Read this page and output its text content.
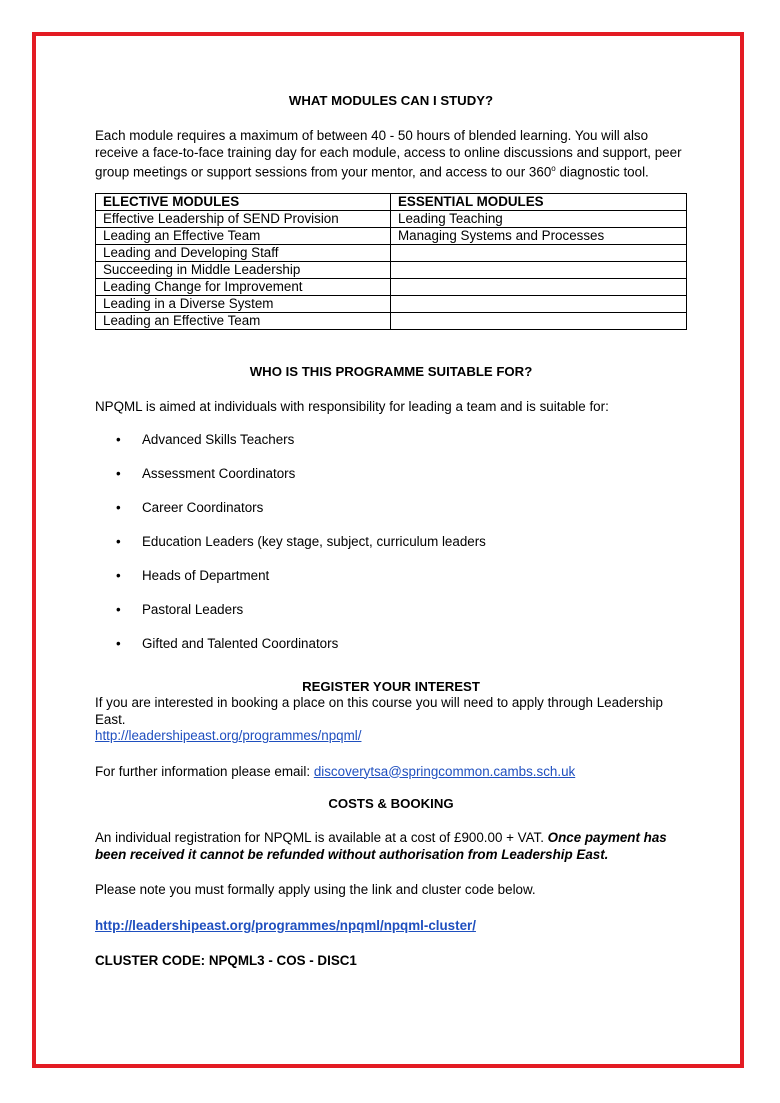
WHAT MODULES CAN I STUDY?

Each module requires a maximum of between 40 - 50 hours of blended learning. You will also receive a face-to-face training day for each module, access to online discussions and support, peer group meetings or support sessions from your mentor, and access to our 360$^o$ diagnostic tool.

ELECTIVE MODULES	ESSENTIAL MODULES
Effective Leadership of SEND Provision	Leading Teaching
Leading an Effective Team	Managing Systems and Processes
Leading and Developing Staff	
Succeeding in Middle Leadership	
Leading Change for Improvement	
Leading in a Diverse System	
Leading an Effective Team	

WHO IS THIS PROGRAMME SUITABLE FOR?

NPQML is aimed at individuals with responsibility for leading a team and is suitable for:

• Advanced Skills Teachers
• Assessment Coordinators
• Career Coordinators
• Education Leaders (key stage, subject, curriculum leaders
• Heads of Department
• Pastoral Leaders
• Gifted and Talented Coordinators

REGISTER YOUR INTEREST

If you are interested in booking a place on this course you will need to apply through Leadership East.

http://leadershipeast.org/programmes/npqml/

For further information please email: discoverytsa@springcommon.cambs.sch.uk

COSTS & BOOKING

An individual registration for NPQML is available at a cost of £900.00 + VAT. Once payment has been received it cannot be refunded without authorisation from Leadership East.

Please note you must formally apply using the link and cluster code below.

http://leadershipeast.org/programmes/npqml/npqml-cluster/

CLUSTER CODE: NPQML3 - COS - DISC1
